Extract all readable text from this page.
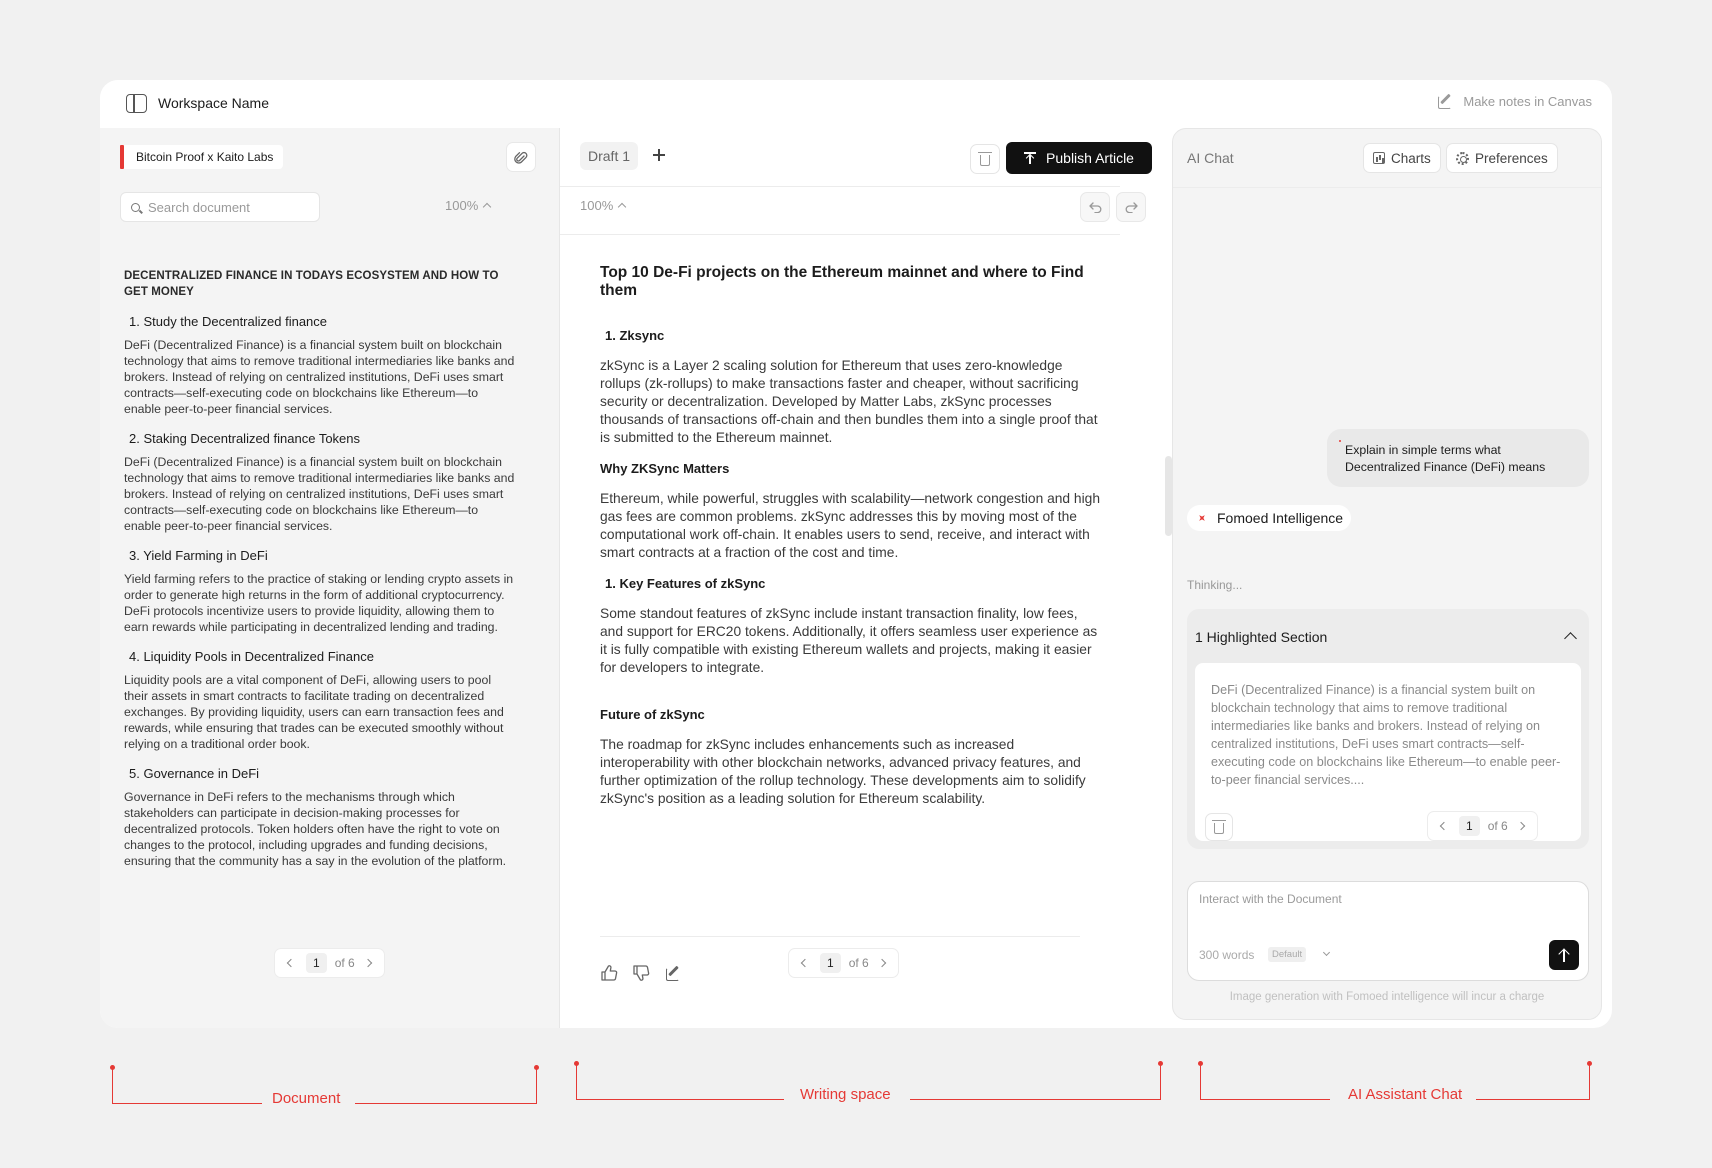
Workspace Name	Make notes in Canvas
Bitcoin Proof x Kaito Labs
Search document
100%
DECENTRALIZED FINANCE IN TODAYS ECOSYSTEM AND HOW TO GET MONEY
1. Study the Decentralized finance

DeFi (Decentralized Finance) is a financial system built on blockchain technology that aims to remove traditional intermediaries like banks and brokers. Instead of relying on centralized institutions, DeFi uses smart contracts—self-executing code on blockchains like Ethereum—to enable peer-to-peer financial services.

2. Staking Decentralized finance Tokens

DeFi (Decentralized Finance) is a financial system built on blockchain technology that aims to remove traditional intermediaries like banks and brokers. Instead of relying on centralized institutions, DeFi uses smart contracts—self-executing code on blockchains like Ethereum—to enable peer-to-peer financial services.

3. Yield Farming in DeFi

Yield farming refers to the practice of staking or lending crypto assets in order to generate high returns in the form of additional cryptocurrency. DeFi protocols incentivize users to provide liquidity, allowing them to earn rewards while participating in decentralized lending and trading.

4. Liquidity Pools in Decentralized Finance

Liquidity pools are a vital component of DeFi, allowing users to pool their assets in smart contracts to facilitate trading on decentralized exchanges. By providing liquidity, users can earn transaction fees and rewards, while ensuring that trades can be executed smoothly without relying on a traditional order book.

5. Governance in DeFi

Governance in DeFi refers to the mechanisms through which stakeholders can participate in decision-making processes for decentralized protocols. Token holders often have the right to vote on changes to the protocol, including upgrades and funding decisions, ensuring that the community has a say in the evolution of the platform.

1	of 6
Draft 1	Publish Article
100%
Top 10 De-Fi projects on the Ethereum mainnet and where to Find them
1. Zksync

zkSync is a Layer 2 scaling solution for Ethereum that uses zero-knowledge rollups (zk-rollups) to make transactions faster and cheaper, without sacrificing security or decentralization. Developed by Matter Labs, zkSync processes thousands of transactions off-chain and then bundles them into a single proof that is submitted to the Ethereum mainnet.

Why ZKSync Matters

Ethereum, while powerful, struggles with scalability—network congestion and high gas fees are common problems. zkSync addresses this by moving most of the computational work off-chain. It enables users to send, receive, and interact with smart contracts at a fraction of the cost and time.

1. Key Features of zkSync

Some standout features of zkSync include instant transaction finality, low fees, and support for ERC20 tokens. Additionally, it offers seamless user experience as it is fully compatible with existing Ethereum wallets and projects, making it easier for developers to integrate.

Future of zkSync

The roadmap for zkSync includes enhancements such as increased interoperability with other blockchain networks, advanced privacy features, and further optimization of the rollup technology. These developments aim to solidify zkSync's position as a leading solution for Ethereum scalability.

1	of 6
AI Chat	Charts	Preferences
Explain in simple terms what Decentralized Finance (DeFi) means
Fomoed Intelligence
Thinking...
1 Highlighted Section

DeFi (Decentralized Finance) is a financial system built on blockchain technology that aims to remove traditional intermediaries like banks and brokers. Instead of relying on centralized institutions, DeFi uses smart contracts—self-executing code on blockchains like Ethereum—to enable peer-to-peer financial services....

1	of 6
Interact with the Document
300 words	Default
Image generation with Fomoed intelligence will incur a charge
Document	Writing space	AI Assistant Chat
